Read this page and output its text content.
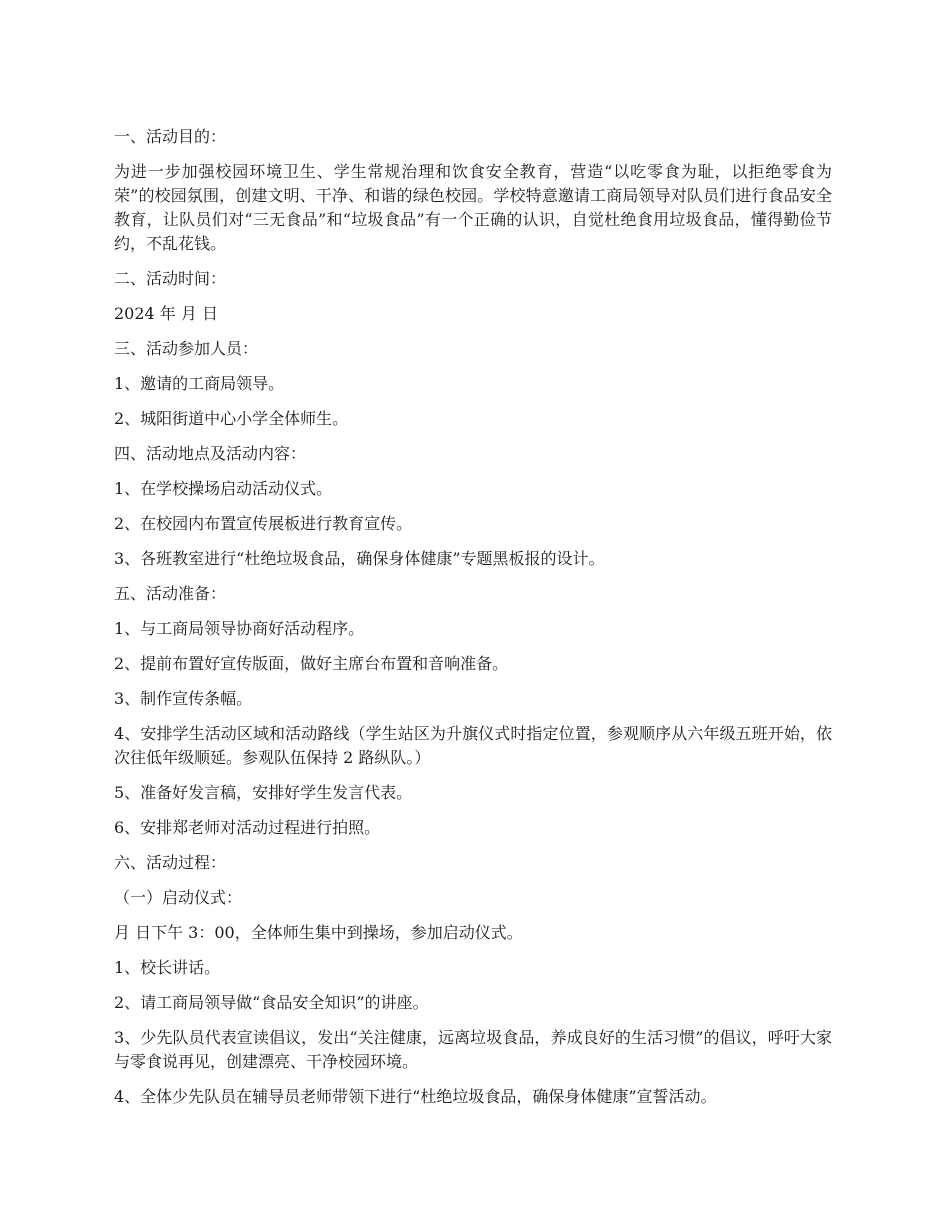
一、活动目的：

为进一步加强校园环境卫生、学生常规治理和饮食安全教育，营造“以吃零食为耻，以拒绝零食为荣”的校园氛围，创建文明、干净、和谐的绿色校园。学校特意邀请工商局领导对队员们进行食品安全教育，让队员们对“三无食品”和“垃圾食品”有一个正确的认识，自觉杜绝食用垃圾食品，懂得勤俭节约，不乱花钱。

二、活动时间：

2024 年 月 日

三、活动参加人员：

1、邀请的工商局领导。

2、城阳街道中心小学全体师生。

四、活动地点及活动内容：

1、在学校操场启动活动仪式。

2、在校园内布置宣传展板进行教育宣传。

3、各班教室进行“杜绝垃圾食品，确保身体健康”专题黑板报的设计。

五、活动准备：

1、与工商局领导协商好活动程序。

2、提前布置好宣传版面，做好主席台布置和音响准备。

3、制作宣传条幅。

4、安排学生活动区域和活动路线（学生站区为升旗仪式时指定位置，参观顺序从六年级五班开始，依次往低年级顺延。参观队伍保持 2 路纵队。）

5、准备好发言稿，安排好学生发言代表。

6、安排郑老师对活动过程进行拍照。

六、活动过程：

（一）启动仪式：

月 日下午 3：00，全体师生集中到操场，参加启动仪式。

1、校长讲话。

2、请工商局领导做“食品安全知识”的讲座。

3、少先队员代表宣读倡议，发出“关注健康，远离垃圾食品，养成良好的生活习惯”的倡议，呼吁大家与零食说再见，创建漂亮、干净校园环境。

4、全体少先队员在辅导员老师带领下进行“杜绝垃圾食品，确保身体健康”宣誓活动。
